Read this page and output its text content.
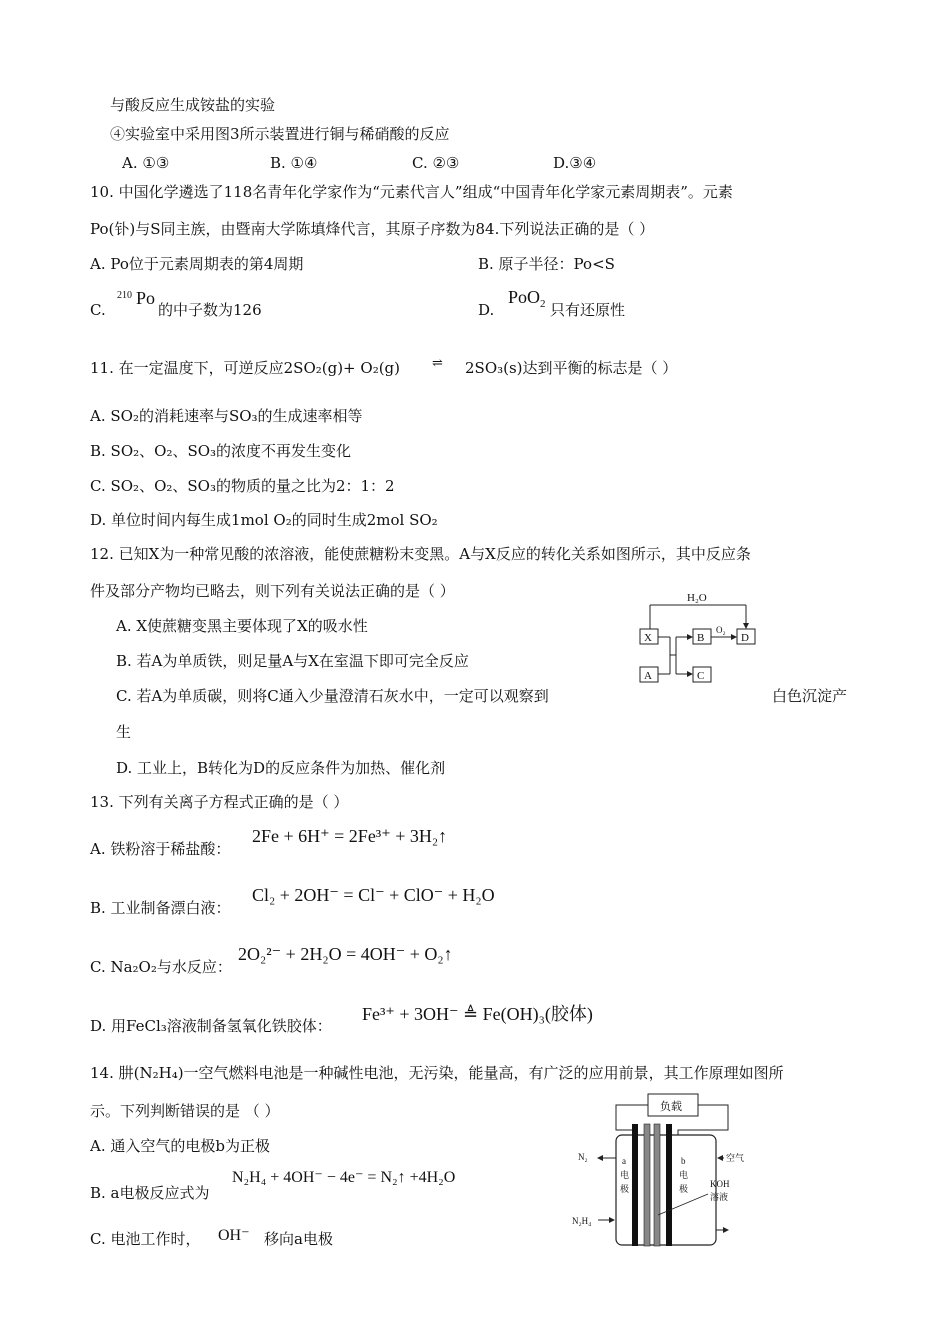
与酸反应生成铵盐的实验
④实验室中采用图3所示装置进行铜与稀硝酸的反应
A. ①③	B. ①④	C. ②③	D.③④
10. 中国化学遴选了118名青年化学家作为“元素代言人”组成“中国青年化学家元素周期表”。元素
Po(钋)与S同主族，由暨南大学陈填烽代言，其原子序数为84.下列说法正确的是（ ）
A. Po位于元素周期表的第4周期	B. 原子半径：Po<S
C.
210 Po
的中子数为126	D.
PoO 2 只有还原性
11. 在一定温度下，可逆反应2SO₂(g)+ O₂(g) ⇌ 2SO₃(s)达到平衡的标志是（ ）
A. SO₂的消耗速率与SO₃的生成速率相等
B. SO₂、O₂、SO₃的浓度不再发生变化
C. SO₂、O₂、SO₃的物质的量之比为2：1：2
D. 单位时间内每生成1mol O₂的同时生成2mol SO₂
12. 已知X为一种常见酸的浓溶液，能使蔗糖粉末变黑。A与X反应的转化关系如图所示，其中反应条
件及部分产物均已略去，则下列有关说法正确的是（ ）
A. X使蔗糖变黑主要体现了X的吸水性
B. 若A为单质铁，则足量A与X在室温下即可完全反应
C. 若A为单质碳，则将C通入少量澄清石灰水中，一定可以观察到	白色沉淀产
生
D. 工业上，B转化为D的反应条件为加热、催化剂
H₂O
O₂
X	B	D
A	C
13. 下列有关离子方程式正确的是（ ）
A. 铁粉溶于稀盐酸：
2Fe + 6H⁺ = 2Fe³⁺ + 3H₂↑
B. 工业制备漂白液：
Cl₂ + 2OH⁻ = Cl⁻ + ClO⁻ + H₂O
C. Na₂O₂与水反应：
2O₂²⁻ + 2H₂O = 4OH⁻ + O₂↑
D. 用FeCl₃溶液制备氢氧化铁胶体：
Fe³⁺ + 3OH⁻ ≜ Fe(OH)₃(胶体)
14. 肼(N₂H₄)一空气燃料电池是一种碱性电池，无污染，能量高，有广泛的应用前景，其工作原理如图所
示。下列判断错误的是 （ ）
A. 通入空气的电极b为正极
B. a电极反应式为
N₂H₄ + 4OH⁻ − 4e⁻ = N₂↑ +4H₂O
C. 电池工作时， OH⁻ 移向a电极
负载
a
电
极
b
电
极 KOH
溶液
N₂
N₂H₄
空气
